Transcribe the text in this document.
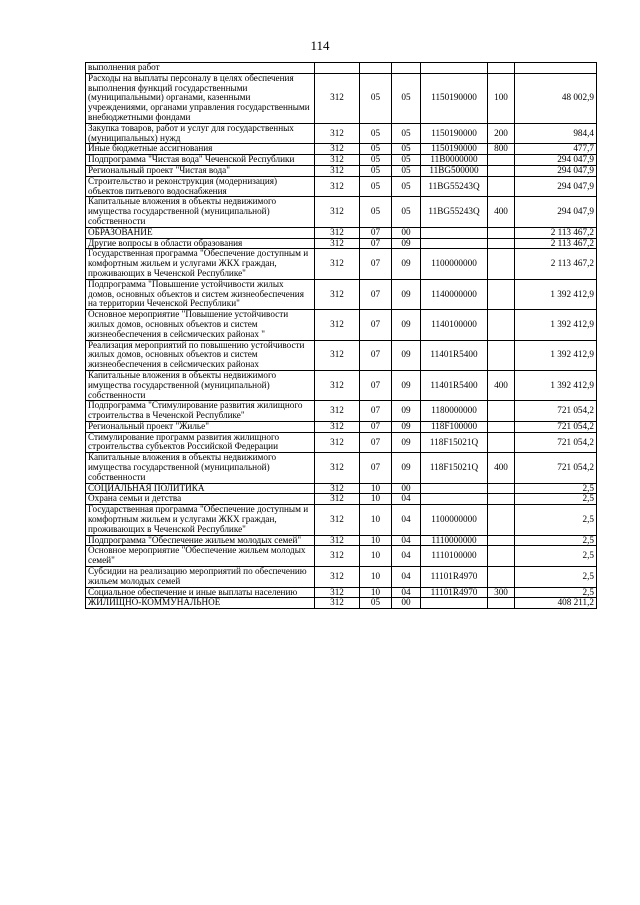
114
выполнения работ						
Расходы на выплаты персоналу в целях обеспечения выполнения функций государственными (муниципальными) органами, казенными учреждениями, органами управления государственными внебюджетными фондами	312	05	05	1150190000	100	48 002,9
Закупка товаров, работ и услуг для государственных (муниципальных) нужд	312	05	05	1150190000	200	984,4
Иные бюджетные ассигнования	312	05	05	1150190000	800	477,7
Подпрограмма "Чистая вода" Чеченской Республики	312	05	05	11B0000000		294 047,9
Региональный проект "Чистая вода"	312	05	05	11BG500000		294 047,9
Строительство и реконструкция (модернизация) объектов питьевого водоснабжения	312	05	05	11BG55243Q		294 047,9
Капитальные вложения в объекты недвижимого имущества государственной (муниципальной) собственности	312	05	05	11BG55243Q	400	294 047,9
ОБРАЗОВАНИЕ	312	07	00			2 113 467,2
Другие вопросы в области образования	312	07	09			2 113 467,2
Государственная программа "Обеспечение доступным и комфортным жильем и услугами ЖКХ граждан, проживающих в Чеченской Республике"	312	07	09	1100000000		2 113 467,2
Подпрограмма "Повышение устойчивости жилых домов, основных объектов и систем жизнеобеспечения на территории Чеченской Республики"	312	07	09	1140000000		1 392 412,9
Основное мероприятие "Повышение устойчивости жилых домов, основных объектов и систем жизнеобеспечения в сейсмических районах "	312	07	09	1140100000		1 392 412,9
Реализация мероприятий по повышению устойчивости жилых домов, основных объектов и систем жизнеобеспечения в сейсмических районах	312	07	09	11401R5400		1 392 412,9
Капитальные вложения в объекты недвижимого имущества государственной (муниципальной) собственности	312	07	09	11401R5400	400	1 392 412,9
Подпрограмма "Стимулирование развития жилищного строительства в Чеченской Республике"	312	07	09	1180000000		721 054,2
Региональный проект "Жилье"	312	07	09	118F100000		721 054,2
Стимулирование программ развития жилищного строительства субъектов Российской Федерации	312	07	09	118F15021Q		721 054,2
Капитальные вложения в объекты недвижимого имущества государственной (муниципальной) собственности	312	07	09	118F15021Q	400	721 054,2
СОЦИАЛЬНАЯ ПОЛИТИКА	312	10	00			2,5
Охрана семьи и детства	312	10	04			2,5
Государственная программа "Обеспечение доступным и комфортным жильем и услугами ЖКХ граждан, проживающих в Чеченской Республике"	312	10	04	1100000000		2,5
Подпрограмма "Обеспечение жильем молодых семей"	312	10	04	1110000000		2,5
Основное мероприятие "Обеспечение жильем молодых семей"	312	10	04	1110100000		2,5
Субсидии на реализацию мероприятий по обеспечению жильем молодых семей	312	10	04	11101R4970		2,5
Социальное обеспечение и иные выплаты населению	312	10	04	11101R4970	300	2,5
ЖИЛИЩНО-КОММУНАЛЬНОЕ	312	05	00			408 211,2
